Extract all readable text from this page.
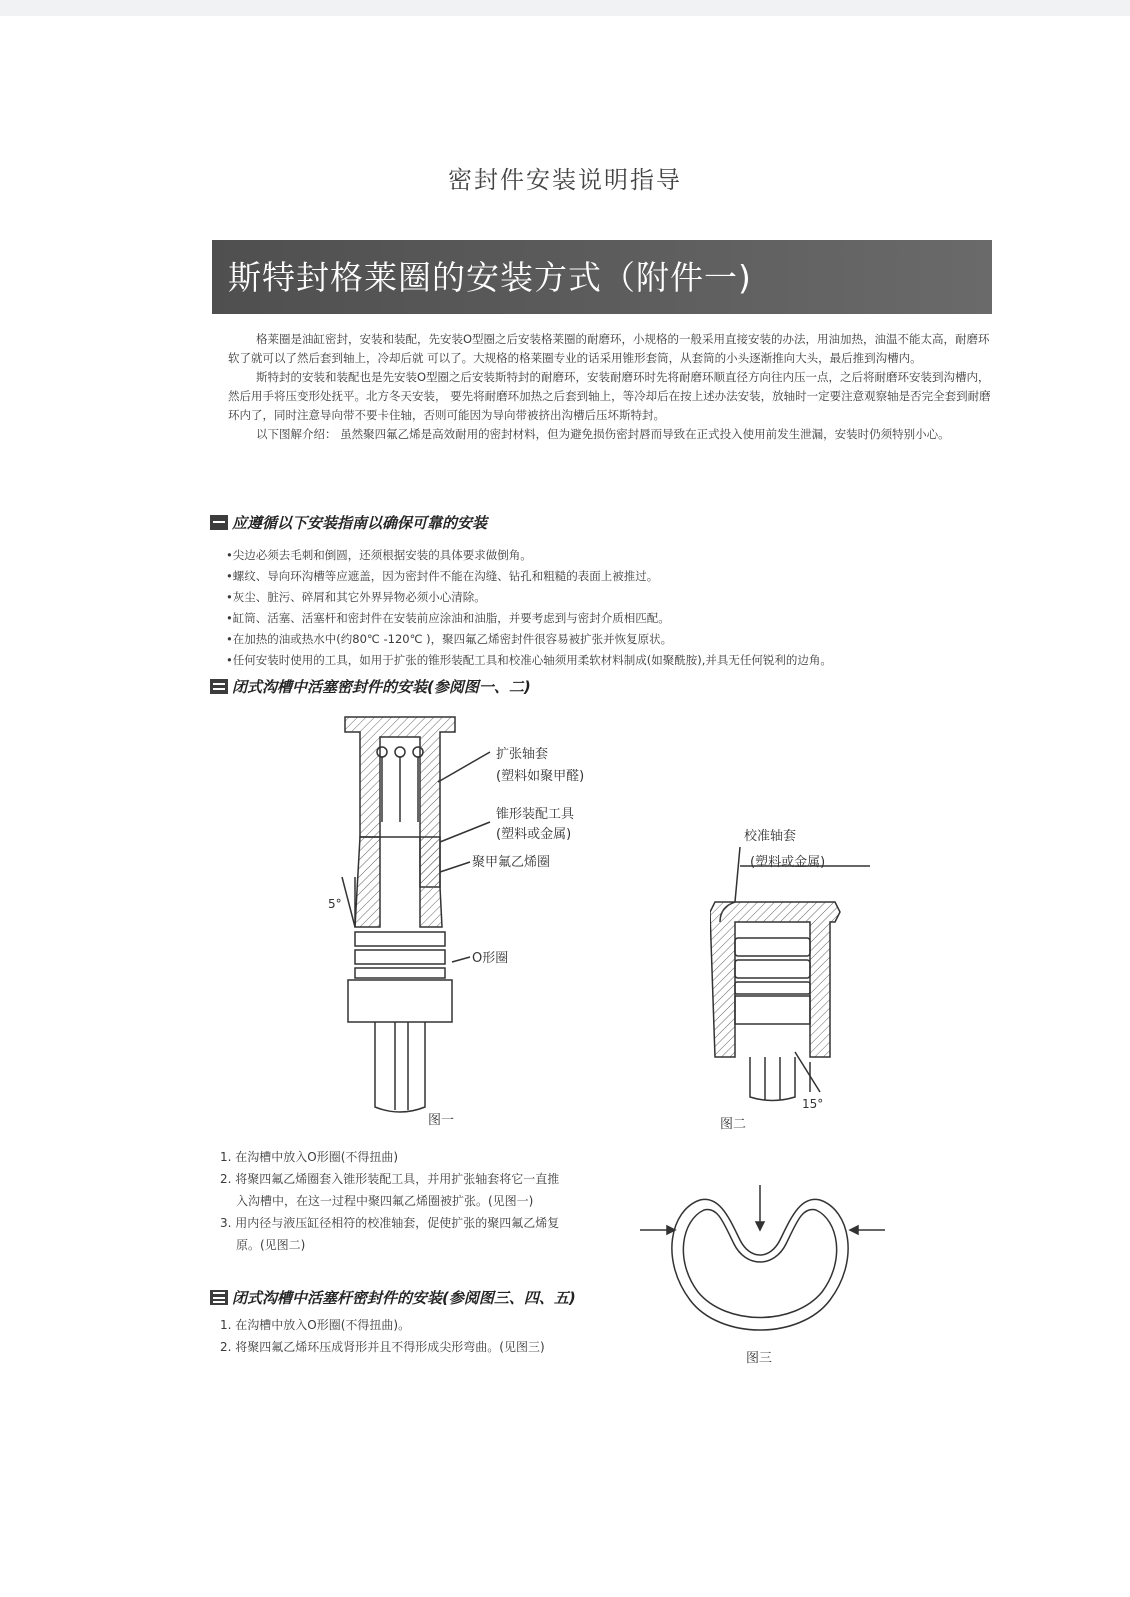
密封件安装说明指导
斯特封格莱圈的安装方式（附件一)

格莱圈是油缸密封，安装和装配，先安装O型圈之后安装格莱圈的耐磨环，小规格的一般采用直接安装的办法，用油加热，油温不能太高，耐磨环软了就可以了然后套到轴上，冷却后就 可以了。大规格的格莱圈专业的话采用锥形套筒，从套筒的小头逐渐推向大头，最后推到沟槽内。

斯特封的安装和装配也是先安装O型圈之后安装斯特封的耐磨环，安装耐磨环时先将耐磨环顺直径方向往内压一点，之后将耐磨环安装到沟槽内，然后用手将压变形处抚平。北方冬天安装， 要先将耐磨环加热之后套到轴上，等冷却后在按上述办法安装，放轴时一定要注意观察轴是否完全套到耐磨环内了，同时注意导向带不要卡住轴，否则可能因为导向带被挤出沟槽后压坏斯特封。

以下图解介绍： 虽然聚四氟乙烯是高效耐用的密封材料，但为避免损伤密封唇而导致在正式投入使用前发生泄漏，安装时仍须特别小心。

应遵循以下安装指南以确保可靠的安装
•尖边必须去毛刺和倒圆，还须根据安装的具体要求做倒角。
•螺纹、导向环沟槽等应遮盖，因为密封件不能在沟缝、钻孔和粗糙的表面上被推过。
•灰尘、脏污、碎屑和其它外界异物必须小心清除。
•缸筒、活塞、活塞杆和密封件在安装前应涂油和油脂，并要考虑到与密封介质相匹配。
•在加热的油或热水中(约80℃ -120℃ )，聚四氟乙烯密封件很容易被扩张并恢复原状。
•任何安装时使用的工具，如用于扩张的锥形装配工具和校准心轴须用柔软材料制成(如聚酰胺),并具无任何锐利的边角。
闭式沟槽中活塞密封件的安装(参阅图一、二)
扩张轴套
(塑料如聚甲醛)
锥形装配工具
(塑料或金属)
聚甲氟乙烯圈
O形圈
5°
图一
校准轴套
(塑料或金属)
15°
图二
1. 在沟槽中放入O形圈(不得扭曲)
2. 将聚四氟乙烯圈套入锥形装配工具，并用扩张轴套将它一直推
入沟槽中，在这一过程中聚四氟乙烯圈被扩张。(见图一)
3. 用内径与液压缸径相符的校准轴套，促使扩张的聚四氟乙烯复
原。(见图二)
图三
闭式沟槽中活塞杆密封件的安装(参阅图三、四、五)
1. 在沟槽中放入O形圈(不得扭曲)。
2. 将聚四氟乙烯环压成肾形并且不得形成尖形弯曲。(见图三)
